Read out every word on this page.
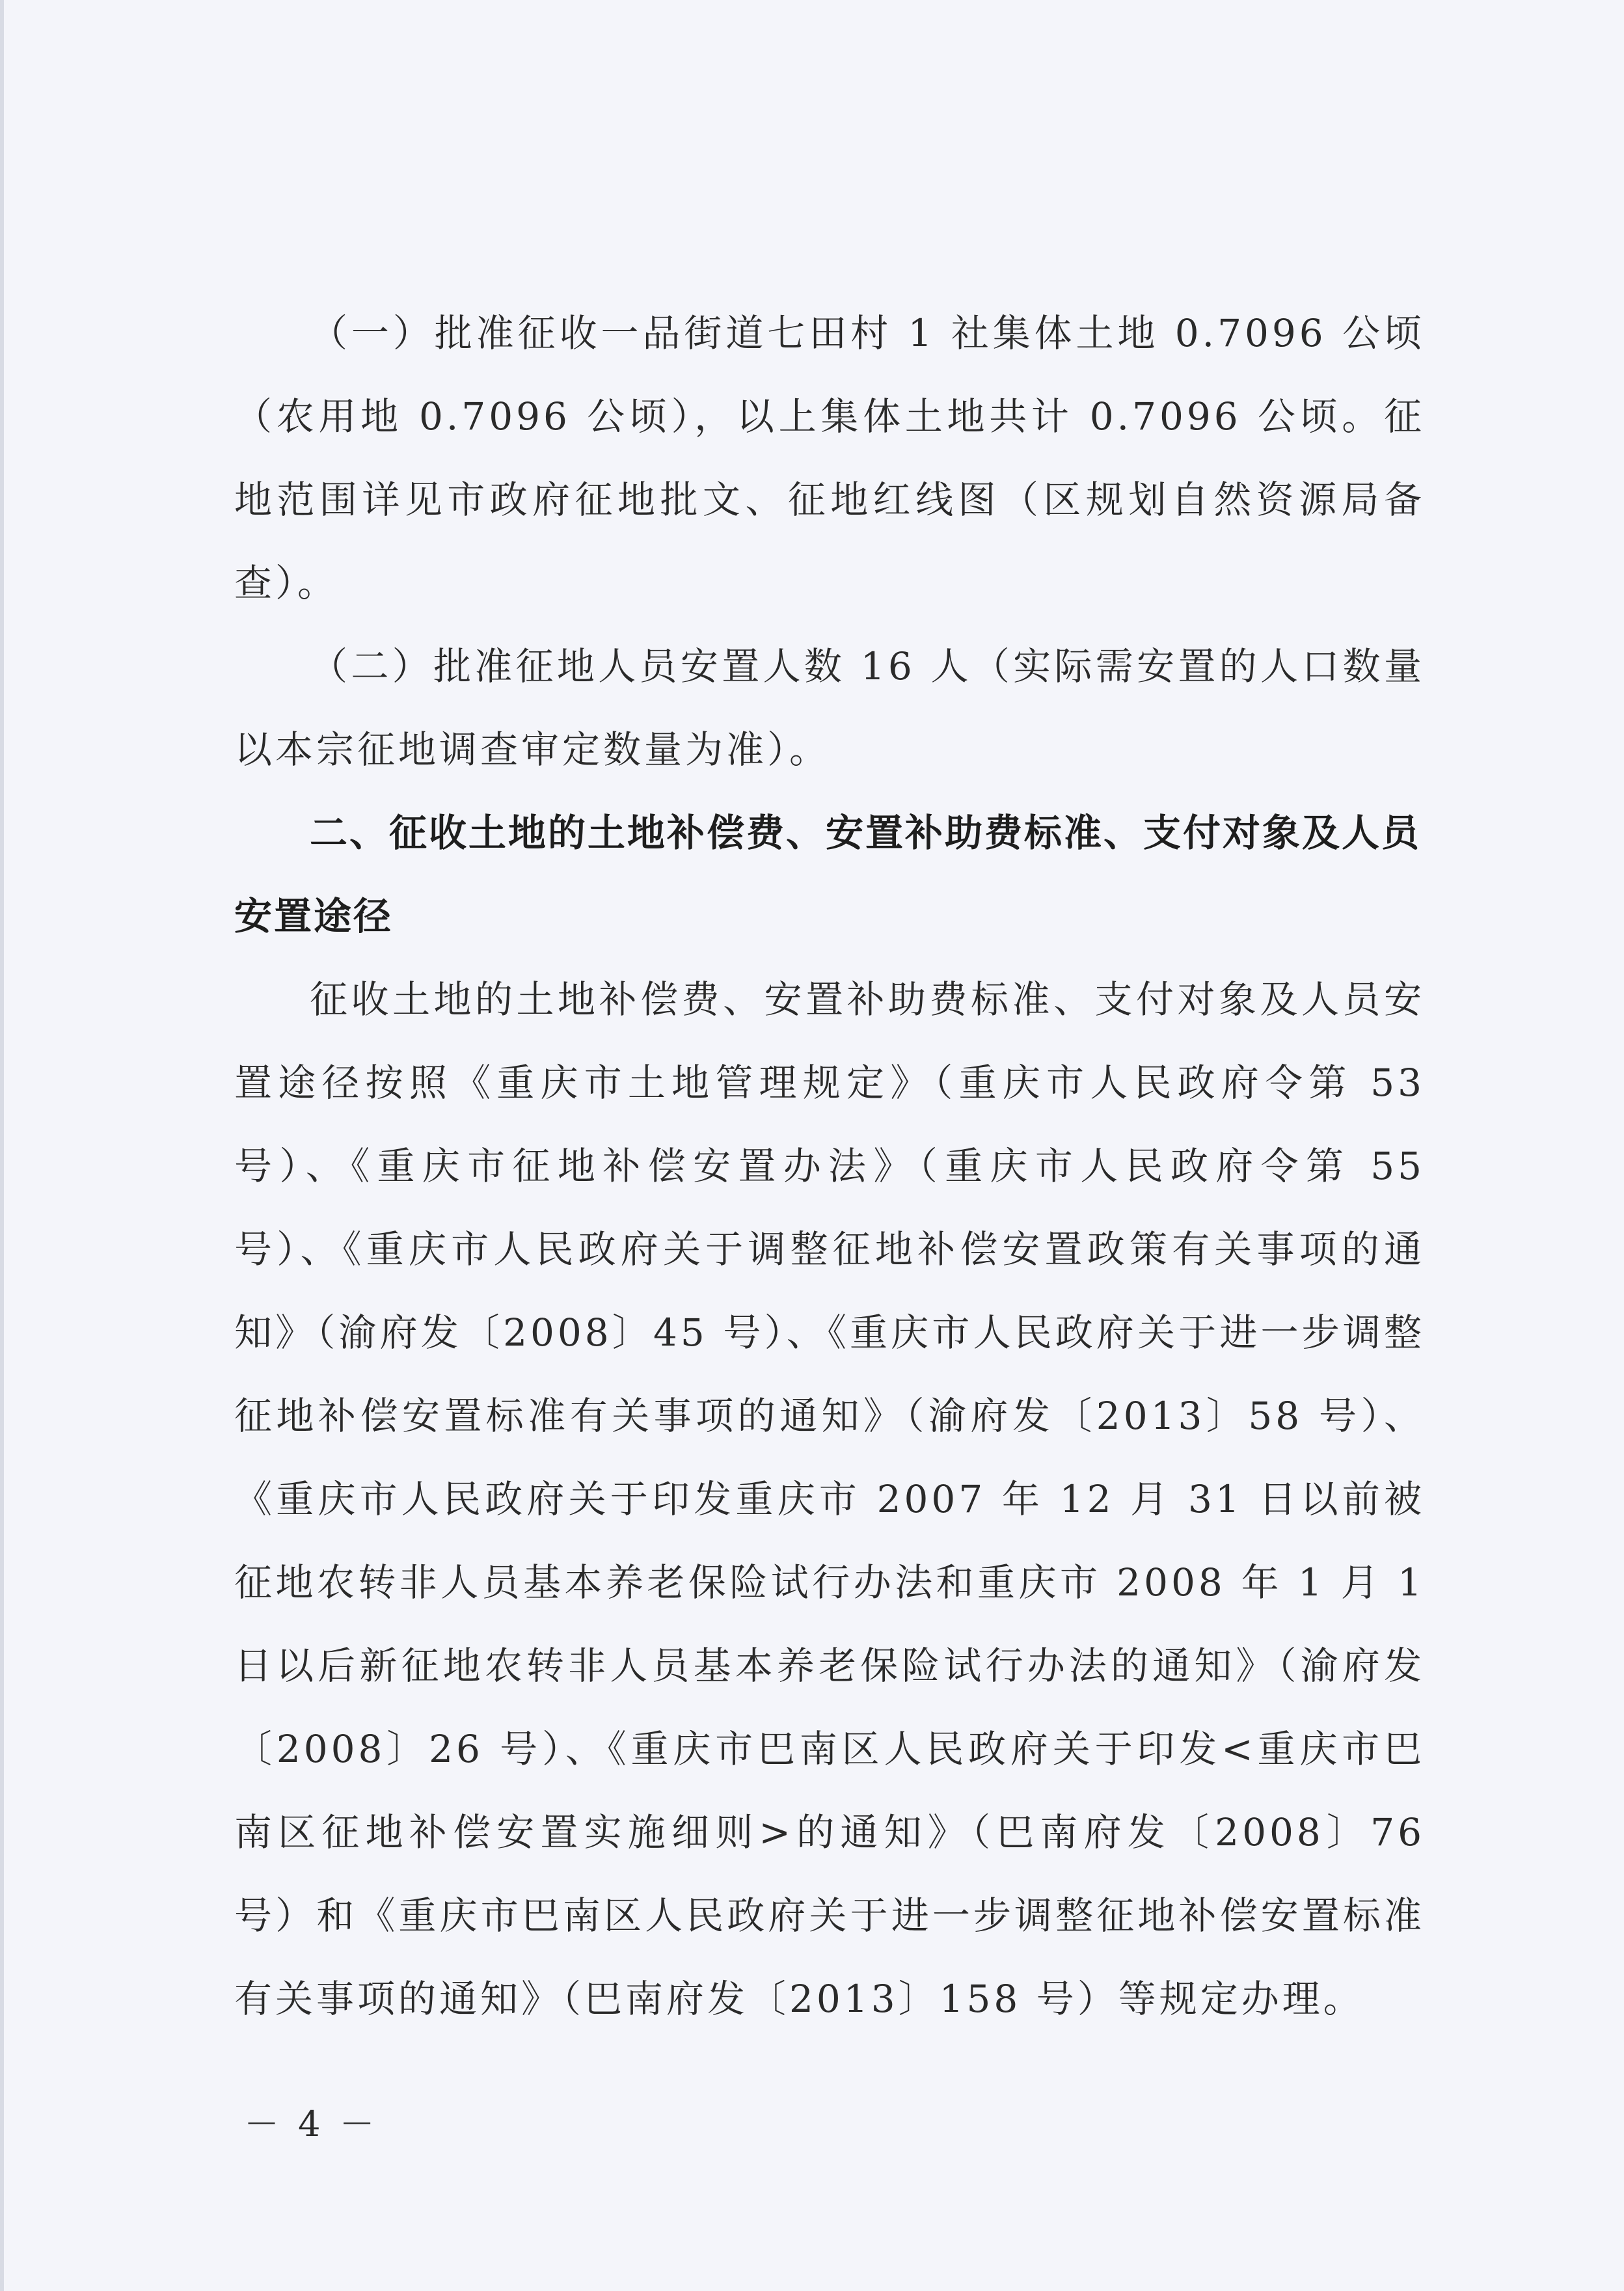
（一）批准征收一品街道七田村 1 社集体土地 0.7096 公顷（农用地 0.7096 公顷），以上集体土地共计 0.7096 公顷。征地范围详见市政府征地批文、征地红线图（区规划自然资源局备查）。

（二）批准征地人员安置人数 16 人（实际需安置的人口数量以本宗征地调查审定数量为准）。

二、征收土地的土地补偿费、安置补助费标准、支付对象及人员安置途径

征收土地的土地补偿费、安置补助费标准、支付对象及人员安置途径按照《重庆市土地管理规定》（重庆市人民政府令第 53 号）、《重庆市征地补偿安置办法》（重庆市人民政府令第 55 号）、《重庆市人民政府关于调整征地补偿安置政策有关事项的通知》（渝府发〔2008〕45 号）、《重庆市人民政府关于进一步调整征地补偿安置标准有关事项的通知》（渝府发〔2013〕58 号）、《重庆市人民政府关于印发重庆市 2007 年 12 月 31 日以前被征地农转非人员基本养老保险试行办法和重庆市 2008 年 1 月 1 日以后新征地农转非人员基本养老保险试行办法的通知》（渝府发〔2008〕26 号）、《重庆市巴南区人民政府关于印发<重庆市巴南区征地补偿安置实施细则>的通知》（巴南府发〔2008〕76 号）和《重庆市巴南区人民政府关于进一步调整征地补偿安置标准有关事项的通知》（巴南府发〔2013〕158 号）等规定办理。

－ 4 －
